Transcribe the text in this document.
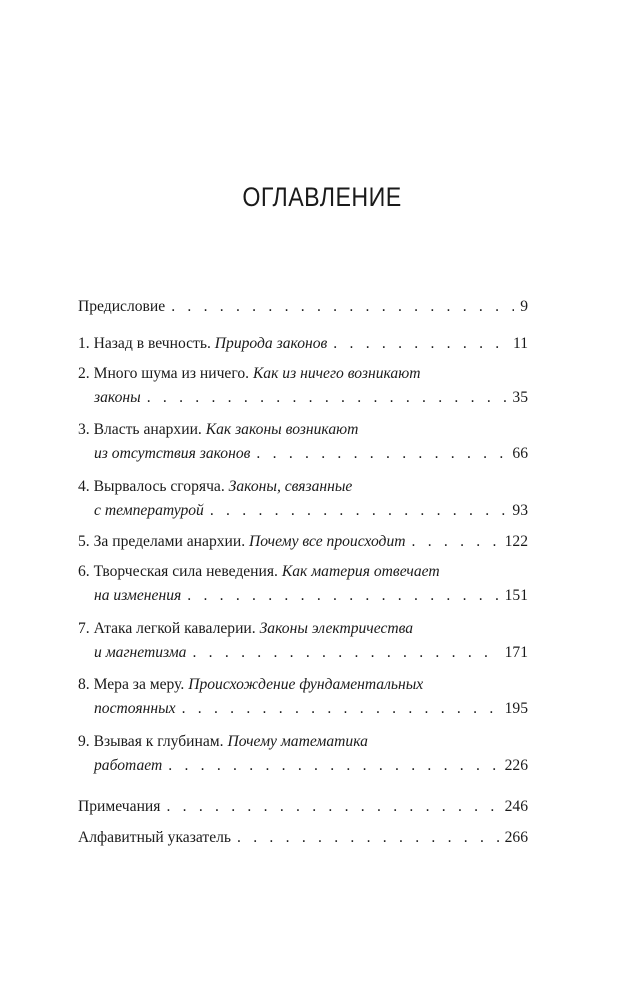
ОГЛАВЛЕНИЕ
Предисловие . . .	9
1. Назад в вечность. Природа законов . . .	11
2. Много шума из ничего. Как из ничего возникают
законы . . .	35
3. Власть анархии. Как законы возникают
из отсутствия законов . . .	66
4. Вырвалось сгоряча. Законы, связанные
с температурой . . .	93
5. За пределами анархии. Почему все происходит . . .	122
6. Творческая сила неведения. Как материя отвечает
на изменения . . .	151
7. Атака легкой кавалерии. Законы электричества
и магнетизма . . .	171
8. Мера за меру. Происхождение фундаментальных
постоянных . . .	195
9. Взывая к глубинам. Почему математика
работает . . .	226
Примечания . . .	246
Алфавитный указатель . . .	266
